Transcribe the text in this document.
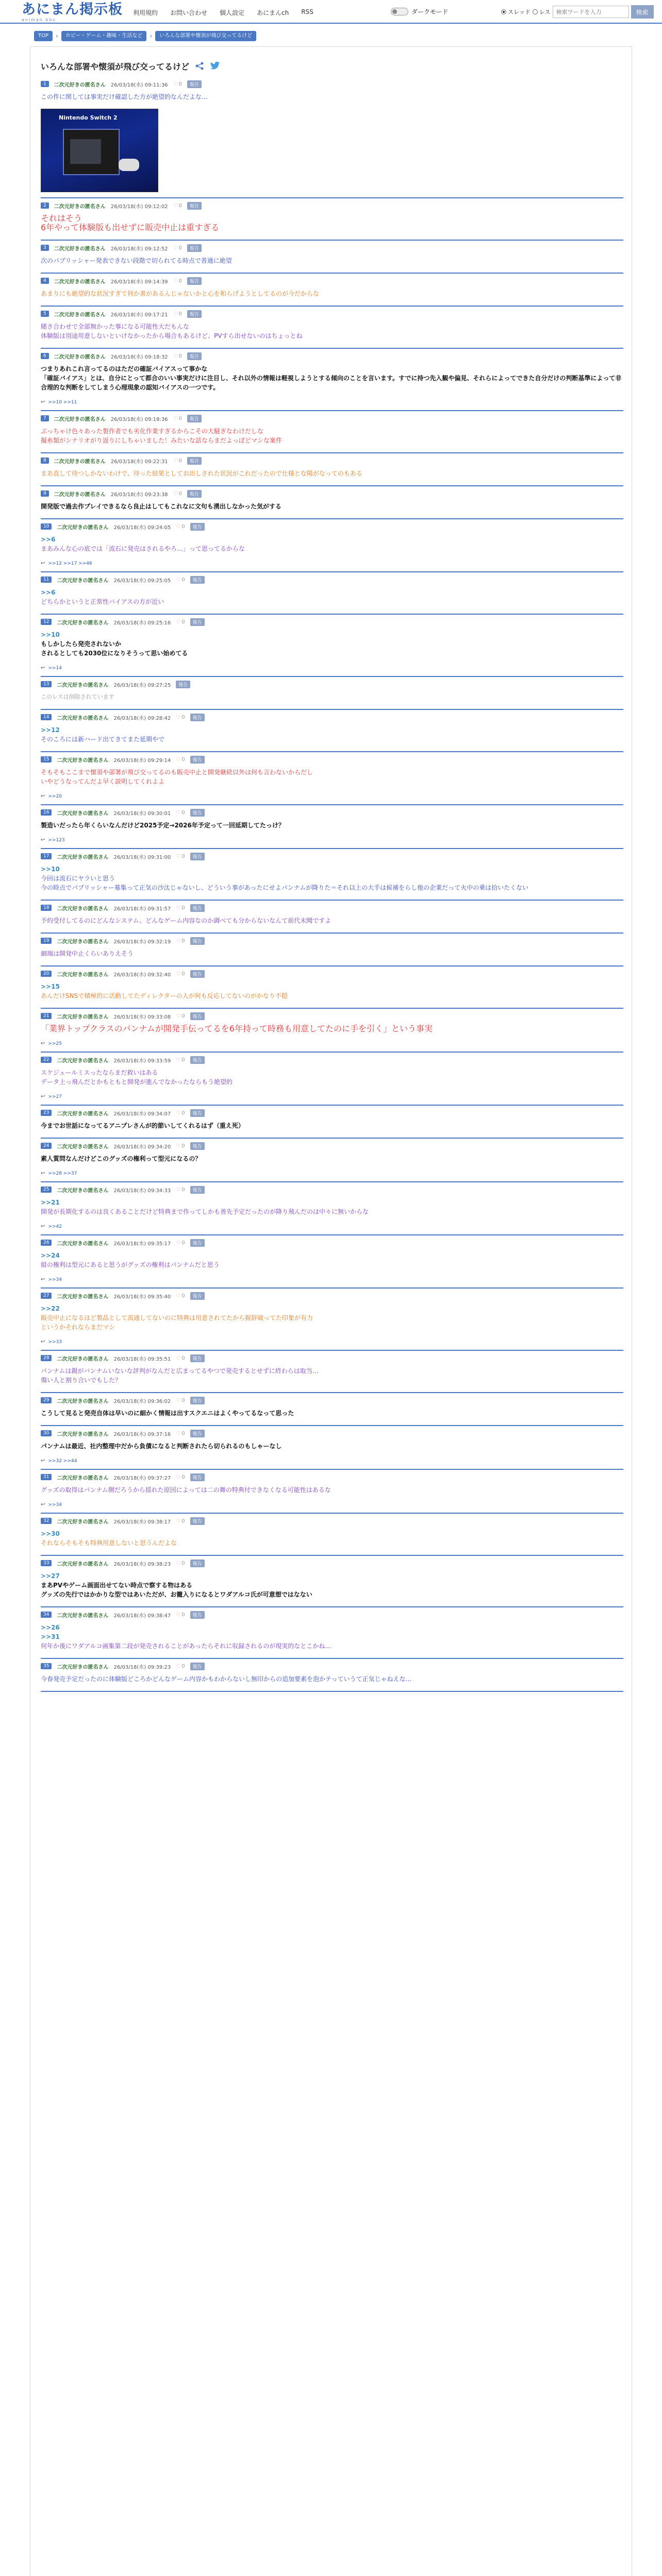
あにまん掲示板
animan bbs
利用規約 お問い合わせ 個人設定 あにまんch RSS	ダークモード	スレッド レス
検索ワードを入力	検索
TOP	›	ホビー・ゲーム・趣味・生活など	›	いろんな部署や懐須が飛び交ってるけど
いろんな部署や懐須が飛び交ってるけど
1	二次元好きの匿名さん 26/03/18(水) 09:11:36 ♡ 0	報告
この件に関しては事実だけ確認した方が絶望的なんだよな…
Nintendo Switch 2
2	二次元好きの匿名さん 26/03/18(水) 09:12:02 ♡ 0	報告
それはそう
6年やって体験版も出せずに販売中止は重すぎる
3	二次元好きの匿名さん 26/03/18(水) 09:12:52 ♡ 0	報告
次のパブリッシャー発表できない段階で切られてる時点で普通に絶望
4	二次元好きの匿名さん 26/03/18(水) 09:14:39 ♡ 0	報告
あまりにも絶望的な状況すぎて何か書があるんじゃないかと心を和らげようとしてるのが今だからな
5	二次元好きの匿名さん 26/03/18(水) 09:17:21 ♡ 0	報告
賭さ合わせで全部無かった事になる可能性大だもんな
体験版は別途用意しないといけなかったから場合もあるけど、PVすら出せないのはちょっとね
6	二次元好きの匿名さん 26/03/18(水) 09:18:32 ♡ 0	報告
つまりあれこれ言ってるのはただの確証バイアスって事かな
「確証バイアス」とは、自分にとって都合のいい事実だけに注目し、それ以外の情報は軽視しようとする傾向のことを言います。すでに持つ先入観や偏見、それらによってできた自分だけの判断基準によって非合理的な判断をしてしまう心理現象の認知バイアスの一つです。
↩ >>10 >>11
7	二次元好きの匿名さん 26/03/18(水) 09:18:36 ♡ 0	報告
ぶっちゃけ色々あった製作者でも劣化作業すぎるからこその大騒ぎなわけだしな
擬糸類がシナリオがり返りにしちゃいました！みたいな話ならまだよっぽどマシな案件
8	二次元好きの匿名さん 26/03/18(水) 09:22:31 ♡ 0	報告
まあ直して待つしかないわけで、待った結果としてお出しされた状況がこれだったので仕様とな陽がなってのもある
9	二次元好きの匿名さん 26/03/18(水) 09:23:38 ♡ 0	報告
開発版で過去作プレイできるなら良止はしてもこれなに文句も湧出しなかった気がする
10	二次元好きの匿名さん 26/03/18(水) 09:24:05 ♡ 0	報告
>>6
まあみんな心の底では「流石に発売はされるやろ…」って思ってるからな
↩ >>12 >>17 >>46
11	二次元好きの匿名さん 26/03/18(水) 09:25:05 ♡ 0	報告
>>6
どちらかというと正常性バイアスの方が近い
12	二次元好きの匿名さん 26/03/18(水) 09:25:16 ♡ 0	報告
>>10
もしかしたら発売されないか
されるとしても2030位になりそうって思い始めてる
↩ >>14
13	二次元好きの匿名さん 26/03/18(水) 09:27:25	報告
このレスは削除されています
14	二次元好きの匿名さん 26/03/18(水) 09:28:42 ♡ 0	報告
>>12
そのころには新ハード出てきてまた延期やで
15	二次元好きの匿名さん 26/03/18(水) 09:29:14 ♡ 0	報告
そもそもここまで懐須や部署が飛び交ってるのも販売中止と開発継続以外は何も言わないからだし
いやどうなってんだよ早く説明してくれよよ
↩ >>20
16	二次元好きの匿名さん 26/03/18(水) 09:30:01 ♡ 0	報告
製造いだったら年くらいなんだけど2025予定→2026年予定って一回延期してたっけ？
↩ >>123
17	二次元好きの匿名さん 26/03/18(水) 09:31:00 ♡ 0	報告
>>10
今回は流石にヤラいと思う
今の時点でパブリッシャー募集って正気の沙汰じゃないし、どういう事があったにせよパンナムが降りた＝それ以上の大手は候補をらし他の企業だって火中の乗は拾いたくない
18	二次元好きの匿名さん 26/03/18(水) 09:31:57 ♡ 0	報告
予約受付してるのにどんなシステム、どんなゲーム内容なのか調べても分からないなんて前代未聞ですよ
19	二次元好きの匿名さん 26/03/18(水) 09:32:19 ♡ 0	報告
網端は開発中止くらいありえそう
20	二次元好きの匿名さん 26/03/18(水) 09:32:40 ♡ 0	報告
>>15
あんだけSNSで積極的に活動してたディレクターの人が何も反応してないのがかなり不穏
21	二次元好きの匿名さん 26/03/18(水) 09:33:08 ♡ 0	報告
「業界トップクラスのパンナムが開発手伝ってるを6年持って時務も用意してたのに手を引く」という事実
↩ >>25
22	二次元好きの匿名さん 26/03/18(水) 09:33:59 ♡ 0	報告
スケジュールミスったならまだ救いはある
データ上っ飛んだとかもともと開発が進んでなかったならもう絶望的
↩ >>27
23	二次元好きの匿名さん 26/03/18(水) 09:34:07 ♡ 0	報告
今までお世話になってるアニプレさんが的節いしてくれるはず（重え死）
24	二次元好きの匿名さん 26/03/18(水) 09:34:20 ♡ 0	報告
素人質問なんだけどこのグッズの権利って型元になるの？
↩ >>28 >>37
25	二次元好きの匿名さん 26/03/18(水) 09:34:33 ♡ 0	報告
>>21
開発が長期化するのは良くあることだけど特典まで作ってしかも善先予定だったのが降り飛んだのは中々に無いからな
↩ >>42
26	二次元好きの匿名さん 26/03/18(水) 09:35:17 ♡ 0	報告
>>24
組の権利は型元にあると思うがグッズの権利はパンナムだと思う
↩ >>34
27	二次元好きの匿名さん 26/03/18(水) 09:35:40 ♡ 0	報告
>>22
販売中止になるほど製品として流通してないのに特典は用意されてたから握辞破ってた印象が有力
というかそれならまだマシ
↩ >>33
28	二次元好きの匿名さん 26/03/18(水) 09:35:51 ♡ 0	報告
パンナムは親がバンナムいないな評判がなんだと広まってるやつで発売するとせずに終わらは取当…
傷い人と割り合いでもした？
29	二次元好きの匿名さん 26/03/18(水) 09:36:02 ♡ 0	報告
こうして見ると発売自体は早いのに細かく情報は出すスクエニはよくやってるなって思った
30	二次元好きの匿名さん 26/03/18(水) 09:37:16 ♡ 0	報告
パンナムは最近、社内整理中だから負債になると判断されたら切られるのもしゃーなし
↩ >>32 >>44
31	二次元好きの匿名さん 26/03/18(水) 09:37:27 ♡ 0	報告
グッズの取得はパンナム側だろうから揺れた原因によっては二の舞の特典付できなくなる可能性はあるな
↩ >>34
32	二次元好きの匿名さん 26/03/18(水) 09:38:17 ♡ 0	報告
>>30
それならそもそも特典用意しないと思うんだよな
33	二次元好きの匿名さん 26/03/18(水) 09:38:23 ♡ 0	報告
>>27
まあPVやゲーム画面出せてない時点で察する物はある
グッズの先行ではかかりな型ではあいただが、お籠入りになるとワダアルコ氏が可意想ではなない
34	二次元好きの匿名さん 26/03/18(水) 09:38:47 ♡ 0	報告
>>26
>>31
何年か後にワダアルコ画集第二段が発売されることがあったらそれに収録されるのが現実的なとこかね…
35	二次元好きの匿名さん 26/03/18(水) 09:39:23 ♡ 0	報告
今春発売予定だったのに体験版どころかどんなゲーム内容かもわからないし無印からの追加要素を泡かテっていうて正気じゃねえな…
